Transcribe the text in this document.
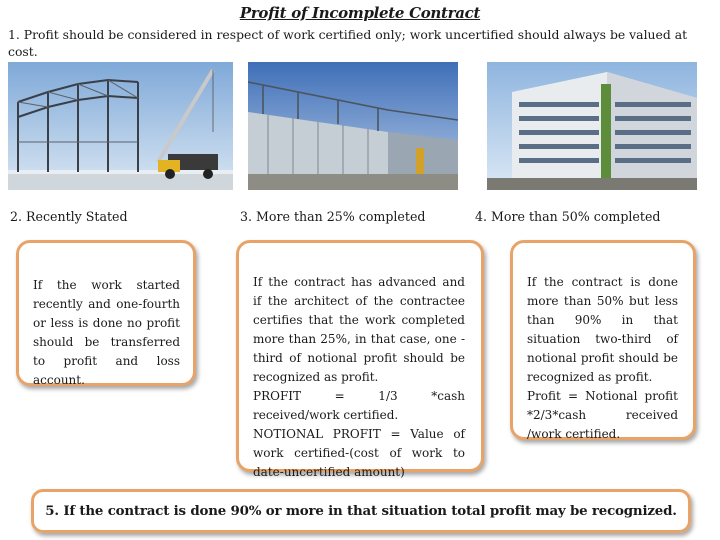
Profit of Incomplete Contract
1. Profit should be considered in respect of work certified only; work uncertified should always be valued at cost.
2. Recently Stated	3. More than 25% completed	4. More than 50% completed

If the work started recently and one-fourth or less is done no profit should be transferred to profit and loss account.

If the contract has advanced and if the architect of the contractee certifies that the work completed more than 25%, in that case, one -third of notional profit should be recognized as profit.
PROFIT = 1/3 *cash received/work certified.
NOTIONAL PROFIT = Value of work certified-(cost of work to date-uncertified amount)

If the contract is done more than 50% but less than 90% in that situation two-third of notional profit should be recognized as profit.
Profit = Notional profit *2/3*cash received /work certified.

5. If the contract is done 90% or more in that situation total profit may be recognized.
